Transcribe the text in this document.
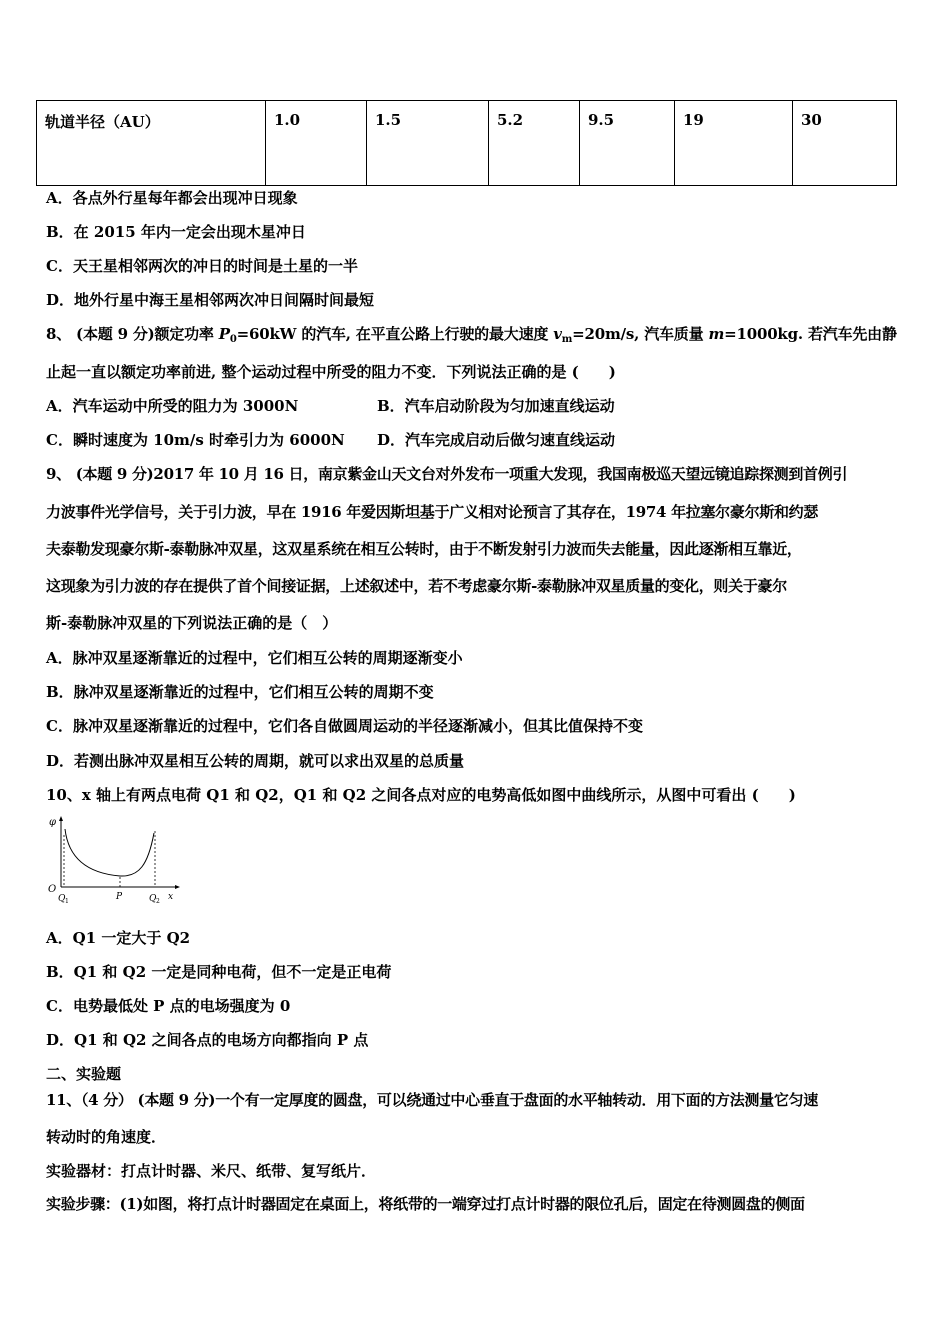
轨道半径（AU）	1.0	1.5	5.2	9.5	19	30
A．各点外行星每年都会出现冲日现象
B．在 2015 年内一定会出现木星冲日
C．天王星相邻两次的冲日的时间是土星的一半
D．地外行星中海王星相邻两次冲日间隔时间最短
8、 (本题 9 分)额定功率 $P_0=60kW$ 的汽车, 在平直公路上行驶的最大速度 $v_m=20m/s$, 汽车质量 m=1000kg. 若汽车先由静
止起一直以额定功率前进, 整个运动过程中所受的阻力不变．下列说法正确的是 (　　)
A．汽车运动中所受的阻力为 3000N	B．汽车启动阶段为匀加速直线运动
C．瞬时速度为 10m/s 时牵引力为 6000N D．汽车完成启动后做匀速直线运动
9、 (本题 9 分)2017 年 10 月 16 日，南京紫金山天文台对外发布一项重大发现，我国南极巡天望远镜追踪探测到首例引
力波事件光学信号，关于引力波，早在 1916 年爱因斯坦基于广义相对论预言了其存在，1974 年拉塞尔豪尔斯和约瑟
夫泰勒发现豪尔斯-泰勒脉冲双星，这双星系统在相互公转时，由于不断发射引力波而失去能量，因此逐渐相互靠近，
这现象为引力波的存在提供了首个间接证据，上述叙述中，若不考虑豪尔斯-泰勒脉冲双星质量的变化，则关于豪尔
斯-泰勒脉冲双星的下列说法正确的是（　）
A．脉冲双星逐渐靠近的过程中，它们相互公转的周期逐渐变小
B．脉冲双星逐渐靠近的过程中，它们相互公转的周期不变
C．脉冲双星逐渐靠近的过程中，它们各自做圆周运动的半径逐渐减小，但其比值保持不变
D．若测出脉冲双星相互公转的周期，就可以求出双星的总质量
10、x 轴上有两点电荷 Q1 和 Q2，Q1 和 Q2 之间各点对应的电势高低如图中曲线所示，从图中可看出 (　　)
φ
O
Q 1	P	Q 2 x
A．Q1 一定大于 Q2
B．Q1 和 Q2 一定是同种电荷，但不一定是正电荷
C．电势最低处 P 点的电场强度为 0
D．Q1 和 Q2 之间各点的电场方向都指向 P 点
二、实验题
11、（4 分） (本题 9 分)一个有一定厚度的圆盘，可以绕通过中心垂直于盘面的水平轴转动．用下面的方法测量它匀速
转动时的角速度．
实验器材：打点计时器、米尺、纸带、复写纸片．
实验步骤：(1)如图，将打点计时器固定在桌面上，将纸带的一端穿过打点计时器的限位孔后，固定在待测圆盘的侧面
